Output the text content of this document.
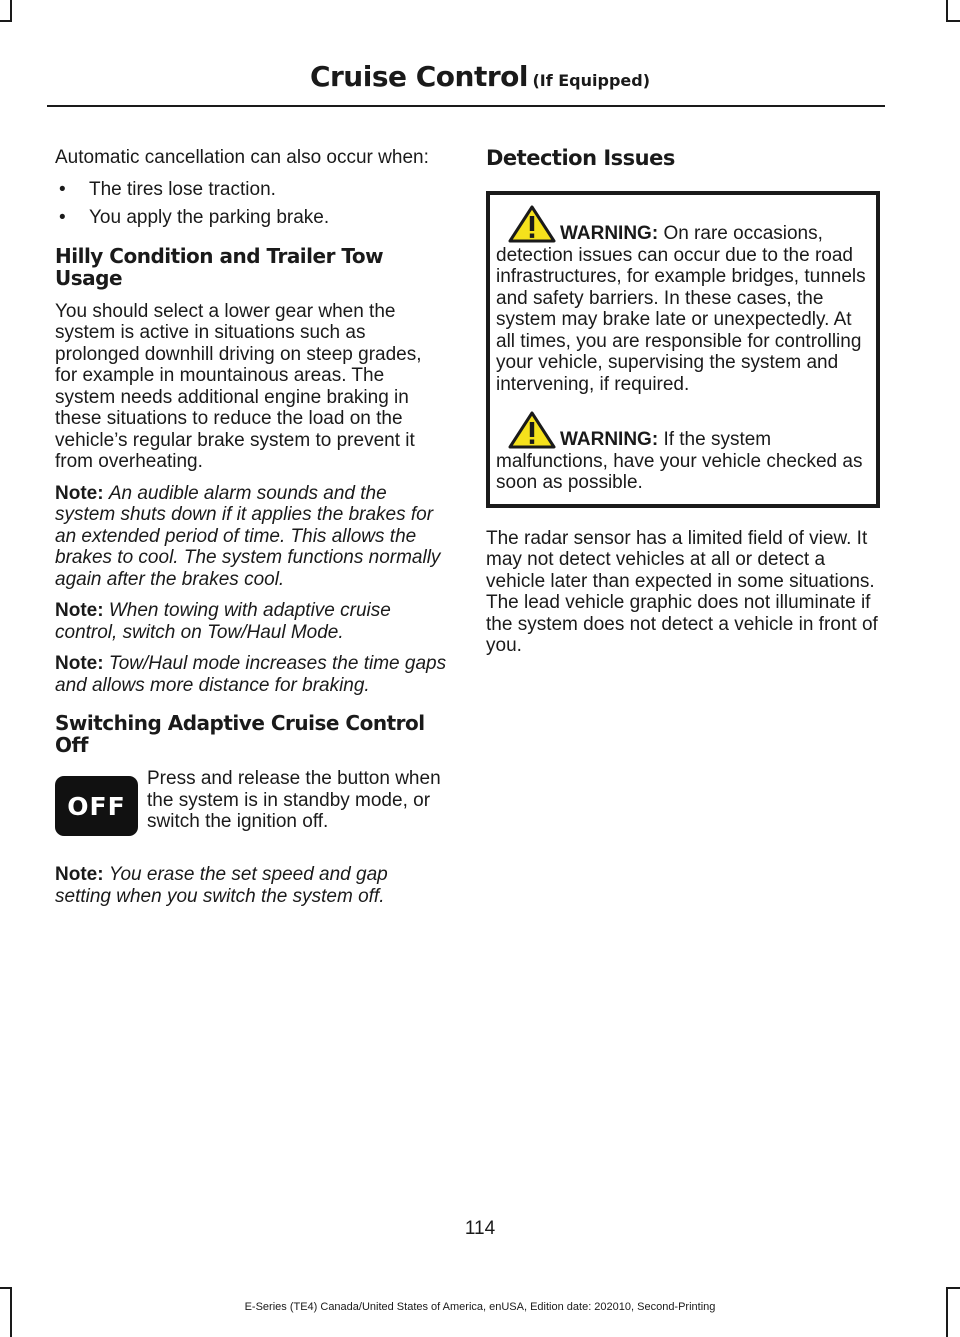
Cruise Control (If Equipped)

Automatic cancellation can also occur when:

• The tires lose traction.
• You apply the parking brake.
Hilly Condition and Trailer Tow Usage

You should select a lower gear when the system is active in situations such as prolonged downhill driving on steep grades, for example in mountainous areas. The system needs additional engine braking in these situations to reduce the load on the vehicle’s regular brake system to prevent it from overheating.

Note: An audible alarm sounds and the system shuts down if it applies the brakes for an extended period of time. This allows the brakes to cool. The system functions normally again after the brakes cool.

Note: When towing with adaptive cruise control, switch on Tow/Haul Mode.

Note: Tow/Haul mode increases the time gaps and allows more distance for braking.

Switching Adaptive Cruise Control Off
OFF

Press and release the button when the system is in standby mode, or switch the ignition off.

Note: You erase the set speed and gap setting when you switch the system off.

Detection Issues

WARNING: On rare occasions, detection issues can occur due to the road infrastructures, for example bridges, tunnels and safety barriers. In these cases, the system may brake late or unexpectedly. At all times, you are responsible for controlling your vehicle, supervising the system and intervening, if required.

WARNING: If the system malfunctions, have your vehicle checked as soon as possible.

The radar sensor has a limited field of view. It may not detect vehicles at all or detect a vehicle later than expected in some situations. The lead vehicle graphic does not illuminate if the system does not detect a vehicle in front of you.

114
E-Series (TE4) Canada/United States of America, enUSA, Edition date: 202010, Second-Printing
